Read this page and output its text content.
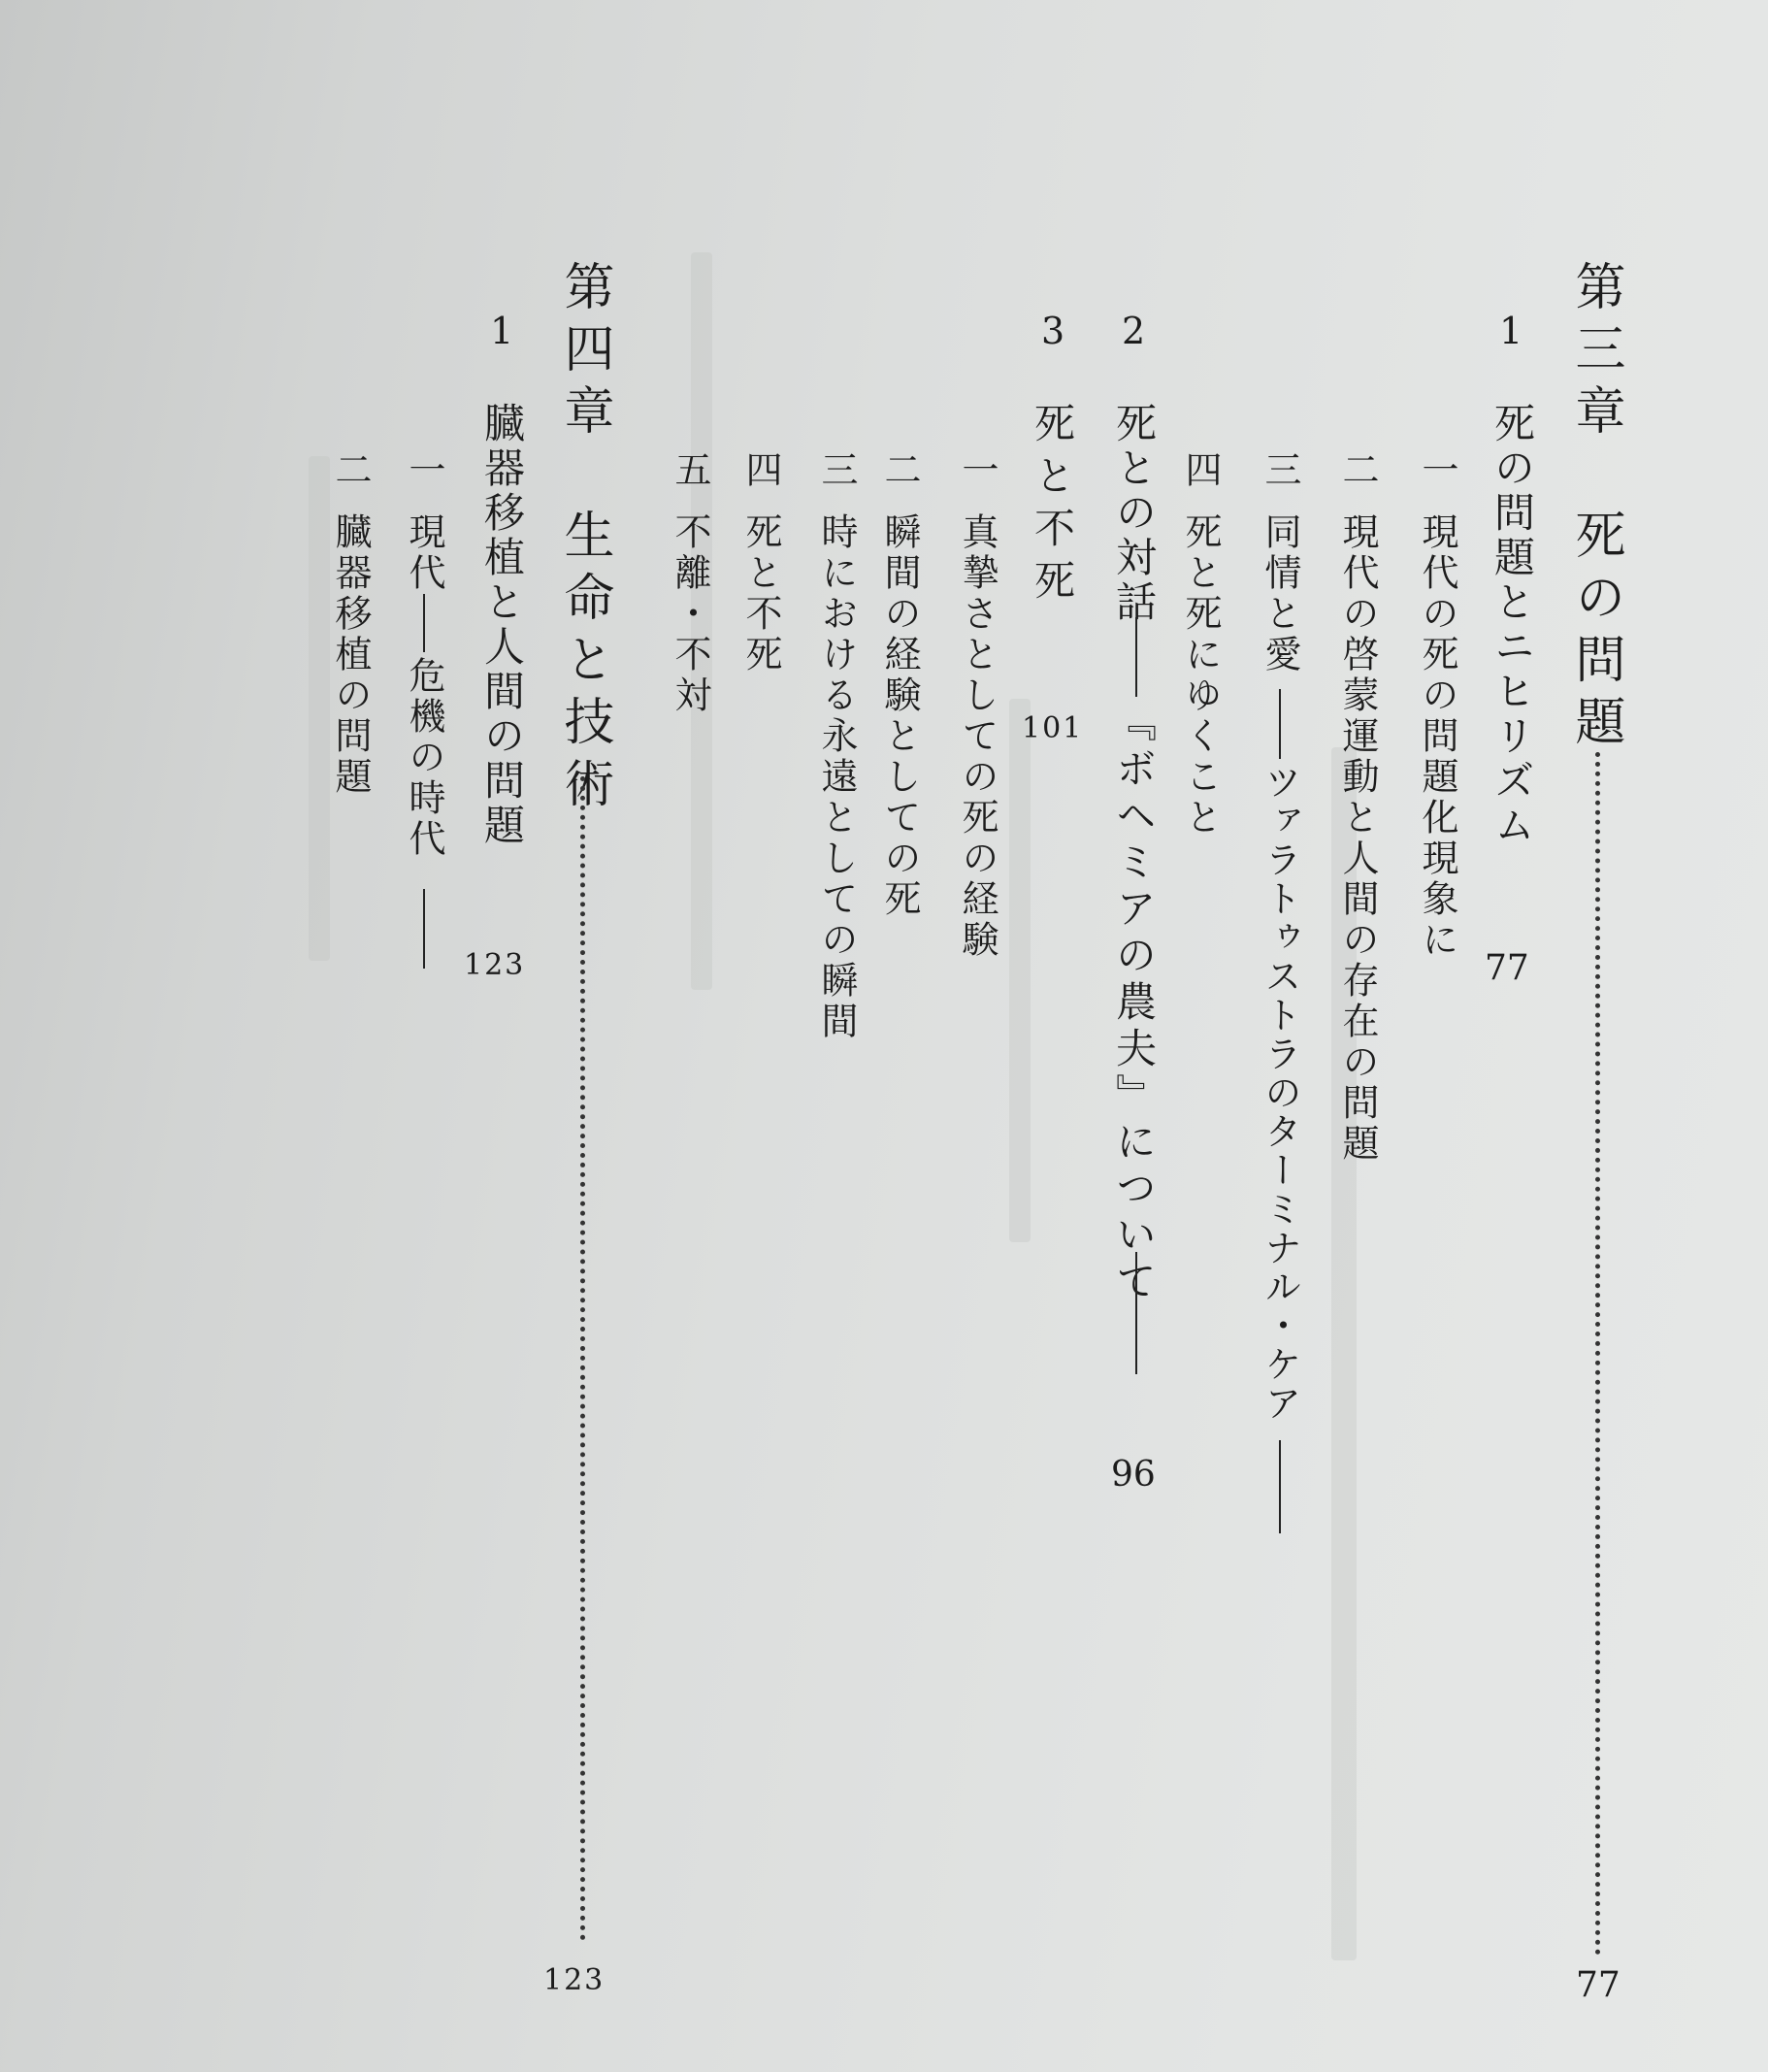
第三章　死の問題
77
1
死の問題とニヒリズム
77
一
現代の死の問題化現象に
二
現代の啓蒙運動と人間の存在の問題
三
同情と愛
ツァラトゥストラのターミナル・ケア
四
死と死にゆくこと
2
死との対話
『ボヘミアの農夫』について
96
3
死と不死
101
一
真摯さとしての死の経験
二
瞬間の経験としての死
三
時における永遠としての瞬間
四
死と不死
五
不離・不対
第四章　生命と技術
123
1
臓器移植と人間の問題
123
一
現代
危機の時代
二
臓器移植の問題
